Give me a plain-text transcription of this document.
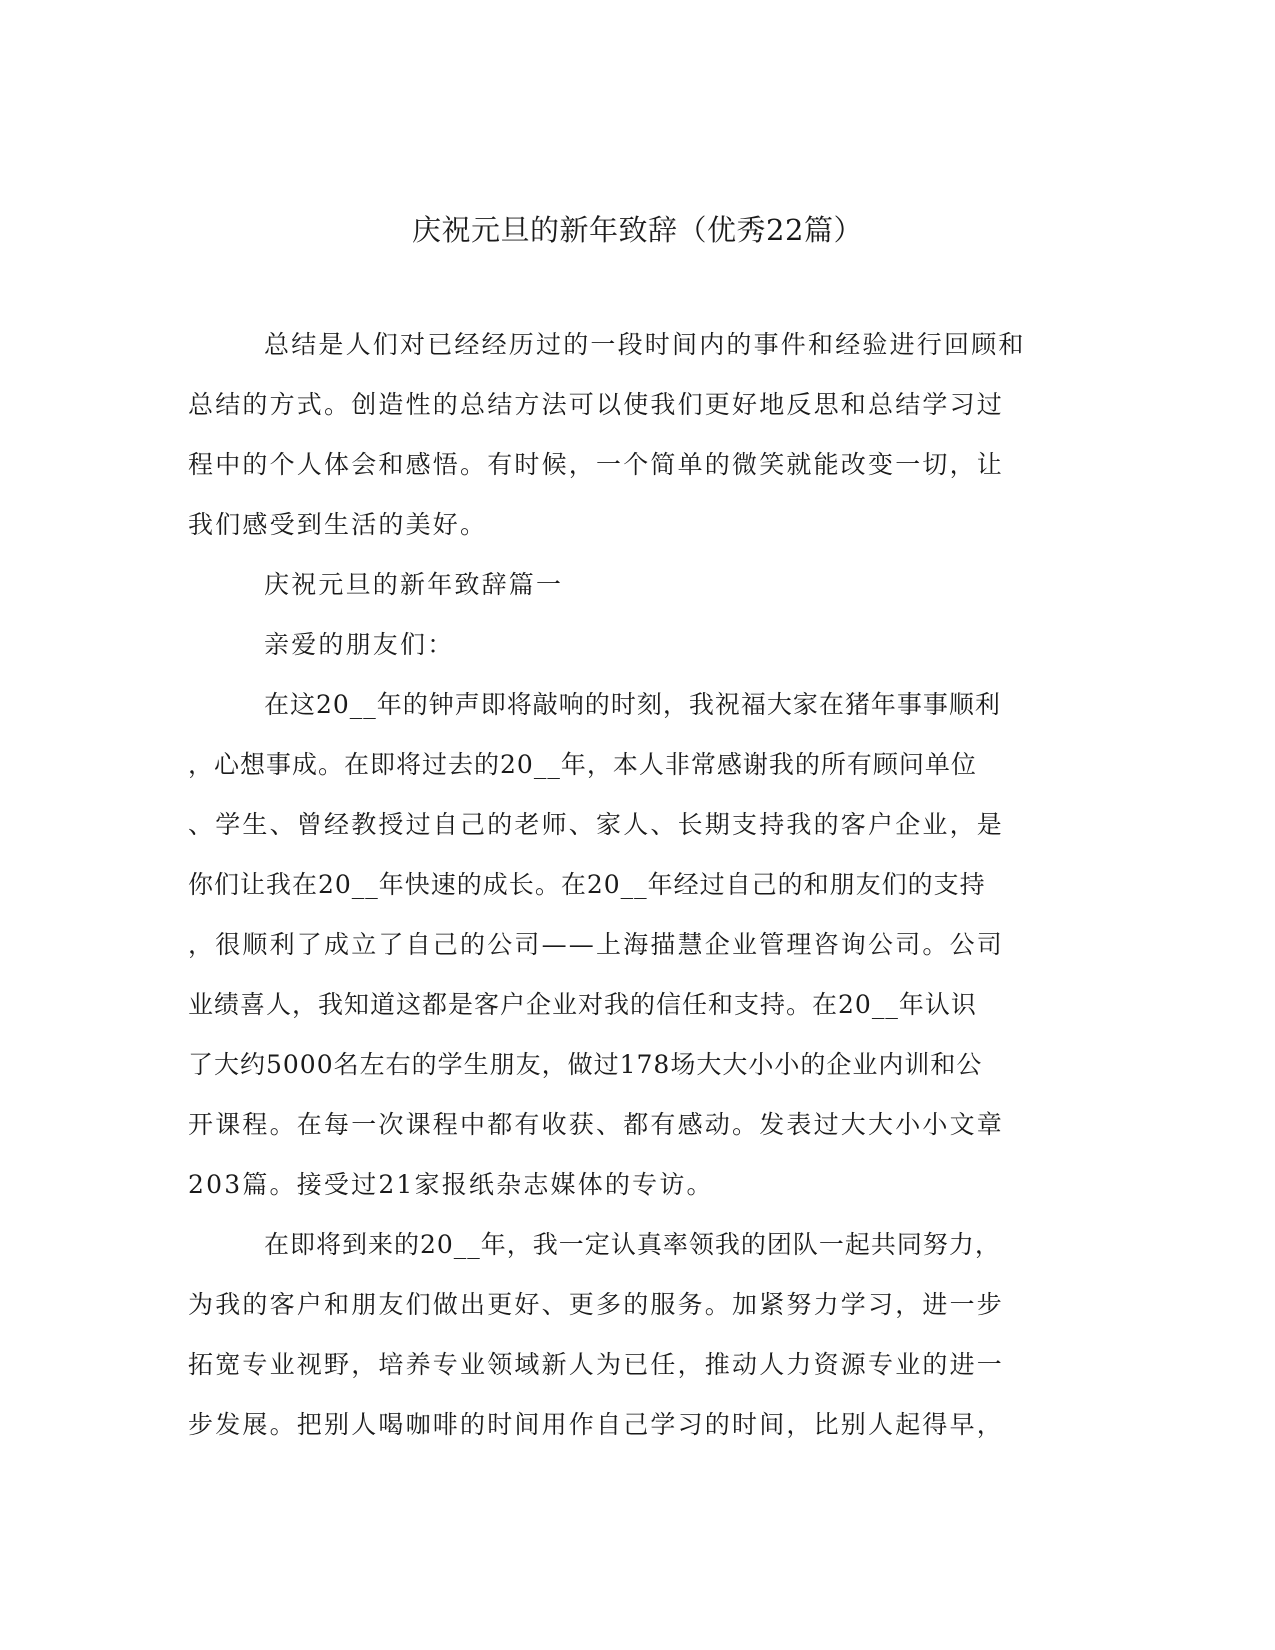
庆祝元旦的新年致辞（优秀22篇）
总结是人们对已经经历过的一段时间内的事件和经验进行回顾和
总结的方式。创造性的总结方法可以使我们更好地反思和总结学习过
程中的个人体会和感悟。有时候，一个简单的微笑就能改变一切，让
我们感受到生活的美好。
庆祝元旦的新年致辞篇一
亲爱的朋友们：
在这20__年的钟声即将敲响的时刻，我祝福大家在猪年事事顺利
，心想事成。在即将过去的20__年，本人非常感谢我的所有顾问单位
、学生、曾经教授过自己的老师、家人、长期支持我的客户企业，是
你们让我在20__年快速的成长。在20__年经过自己的和朋友们的支持
，很顺利了成立了自己的公司——上海描慧企业管理咨询公司。公司
业绩喜人，我知道这都是客户企业对我的信任和支持。在20__年认识
了大约5000名左右的学生朋友，做过178场大大小小的企业内训和公
开课程。在每一次课程中都有收获、都有感动。发表过大大小小文章
203篇。接受过21家报纸杂志媒体的专访。
在即将到来的20__年，我一定认真率领我的团队一起共同努力，
为我的客户和朋友们做出更好、更多的服务。加紧努力学习，进一步
拓宽专业视野，培养专业领域新人为已任，推动人力资源专业的进一
步发展。把别人喝咖啡的时间用作自己学习的时间，比别人起得早，
